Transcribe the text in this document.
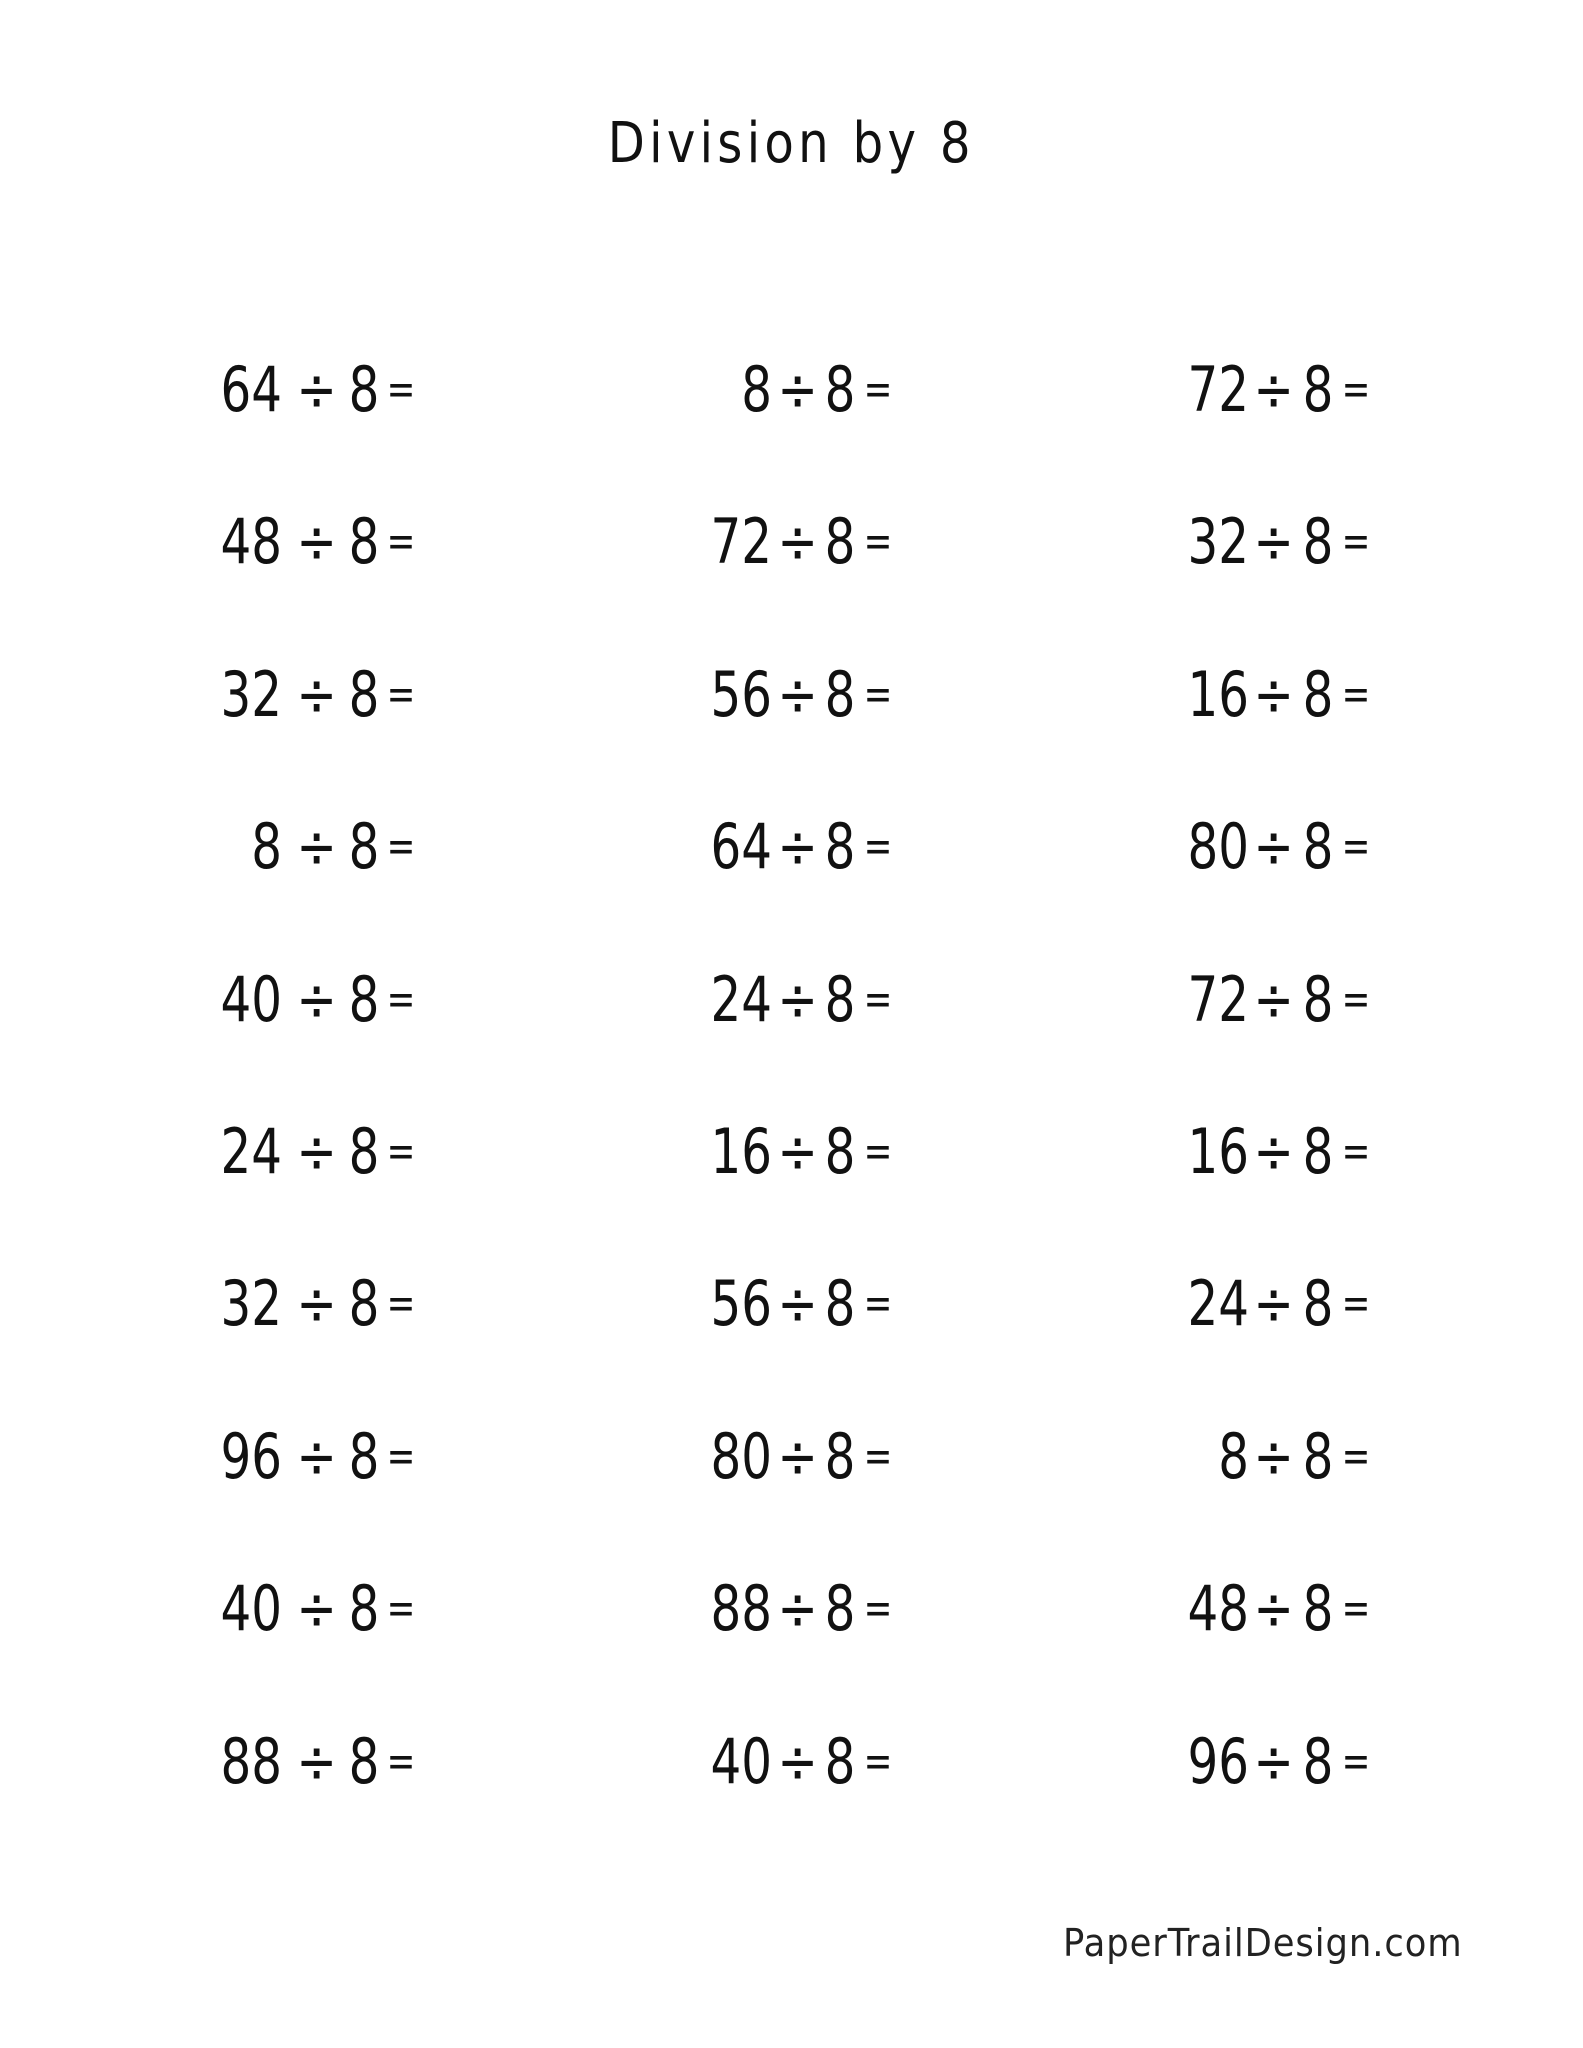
Division by 8
64 ÷ 8 =
48 ÷ 8 =
32 ÷ 8 =
8 ÷ 8 =
40 ÷ 8 =
24 ÷ 8 =
32 ÷ 8 =
96 ÷ 8 =
40 ÷ 8 =
88 ÷ 8 =
8 ÷ 8 =
72 ÷ 8 =
56 ÷ 8 =
64 ÷ 8 =
24 ÷ 8 =
16 ÷ 8 =
56 ÷ 8 =
80 ÷ 8 =
88 ÷ 8 =
40 ÷ 8 =
72 ÷ 8 =
32 ÷ 8 =
16 ÷ 8 =
80 ÷ 8 =
72 ÷ 8 =
16 ÷ 8 =
24 ÷ 8 =
8 ÷ 8 =
48 ÷ 8 =
96 ÷ 8 =
PaperTrailDesign.com
